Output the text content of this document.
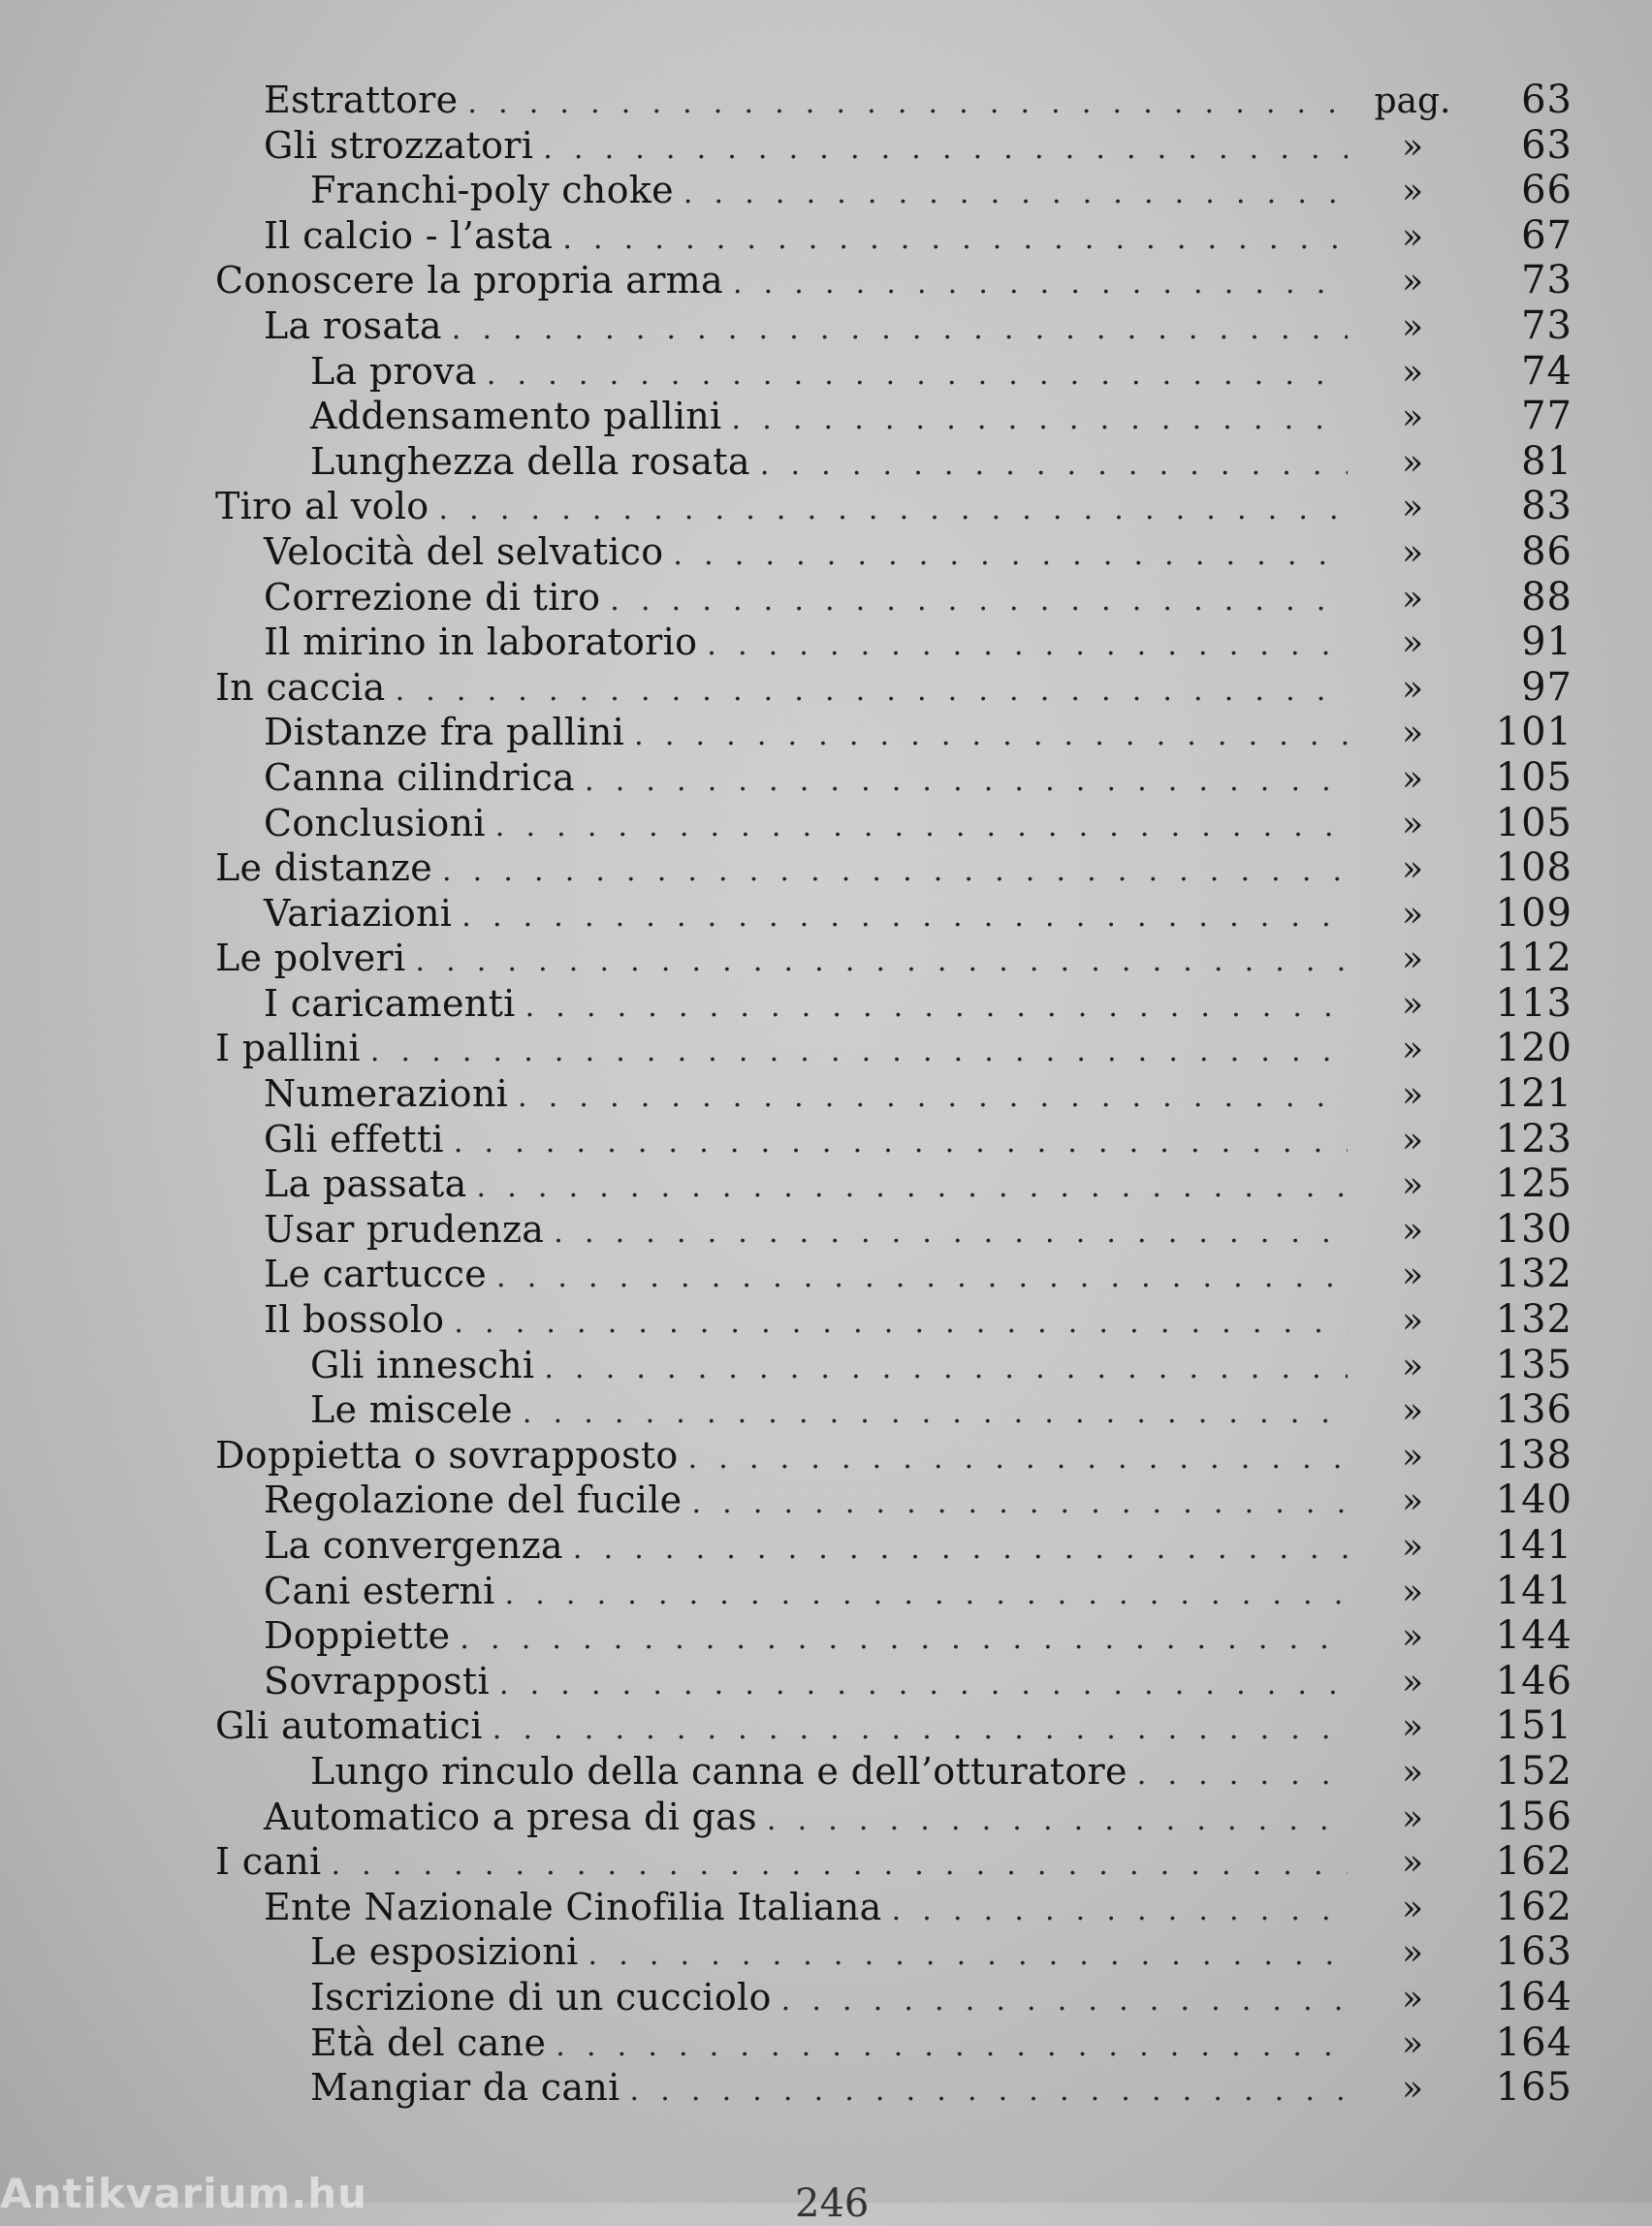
Estrattore . . .	pag.	63
Gli strozzatori . . .	»	63
Franchi-poly choke . . .	»	66
Il calcio - l’asta . . .	»	67
Conoscere la propria arma . . .	»	73
La rosata . . .	»	73
La prova . . .	»	74
Addensamento pallini . . .	»	77
Lunghezza della rosata . . .	»	81
Tiro al volo . . .	»	83
Velocità del selvatico . . .	»	86
Correzione di tiro . . .	»	88
Il mirino in laboratorio . . .	»	91
In caccia . . .	»	97
Distanze fra pallini . . .	»	101
Canna cilindrica . . .	»	105
Conclusioni . . .	»	105
Le distanze . . .	»	108
Variazioni . . .	»	109
Le polveri . . .	»	112
I caricamenti . . .	»	113
I pallini . . .	»	120
Numerazioni . . .	»	121
Gli effetti . . .	»	123
La passata . . .	»	125
Usar prudenza . . .	»	130
Le cartucce . . .	»	132
Il bossolo . . .	»	132
Gli inneschi . . .	»	135
Le miscele . . .	»	136
Doppietta o sovrapposto . . .	»	138
Regolazione del fucile . . .	»	140
La convergenza . . .	»	141
Cani esterni . . .	»	141
Doppiette . . .	»	144
Sovrapposti . . .	»	146
Gli automatici . . .	»	151
Lungo rinculo della canna e dell’otturatore . . .	»	152
Automatico a presa di gas . . .	»	156
I cani . . .	»	162
Ente Nazionale Cinofilia Italiana . . .	»	162
Le esposizioni . . .	»	163
Iscrizione di un cucciolo . . .	»	164
Età del cane . . .	»	164
Mangiar da cani . . .	»	165
Antikvarium.hu	246
